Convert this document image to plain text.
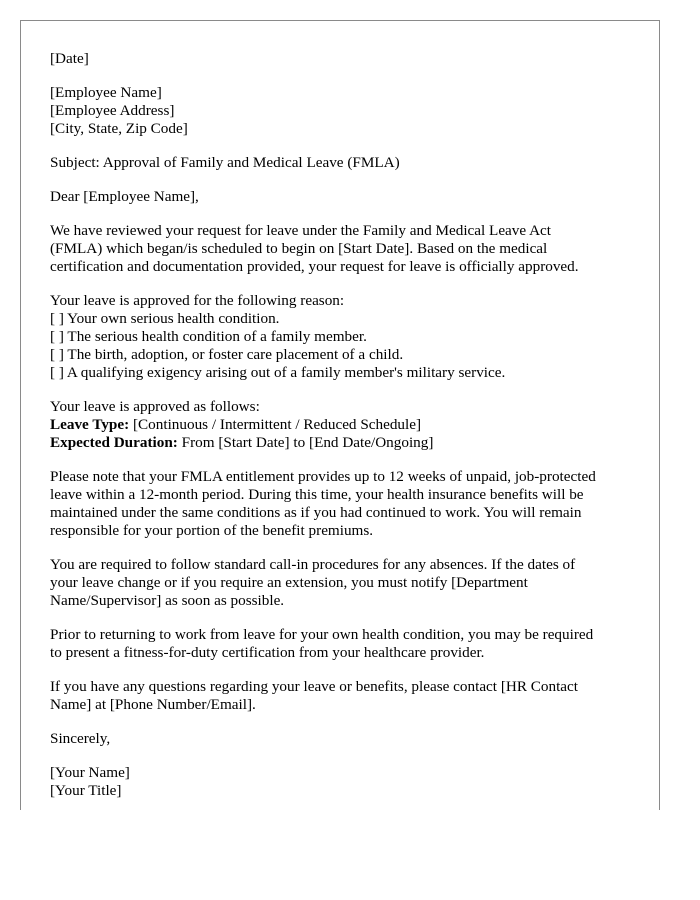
[Date]

[Employee Name]
[Employee Address]
[City, State, Zip Code]

Subject: Approval of Family and Medical Leave (FMLA)

Dear [Employee Name],

We have reviewed your request for leave under the Family and Medical Leave Act
(FMLA) which began/is scheduled to begin on [Start Date]. Based on the medical
certification and documentation provided, your request for leave is officially approved.

Your leave is approved for the following reason:
[ ] Your own serious health condition.
[ ] The serious health condition of a family member.
[ ] The birth, adoption, or foster care placement of a child.
[ ] A qualifying exigency arising out of a family member's military service.

Your leave is approved as follows:
Leave Type: [Continuous / Intermittent / Reduced Schedule]
Expected Duration: From [Start Date] to [End Date/Ongoing]

Please note that your FMLA entitlement provides up to 12 weeks of unpaid, job-protected
leave within a 12-month period. During this time, your health insurance benefits will be
maintained under the same conditions as if you had continued to work. You will remain
responsible for your portion of the benefit premiums.

You are required to follow standard call-in procedures for any absences. If the dates of
your leave change or if you require an extension, you must notify [Department
Name/Supervisor] as soon as possible.

Prior to returning to work from leave for your own health condition, you may be required
to present a fitness-for-duty certification from your healthcare provider.

If you have any questions regarding your leave or benefits, please contact [HR Contact
Name] at [Phone Number/Email].

Sincerely,

[Your Name]
[Your Title]
